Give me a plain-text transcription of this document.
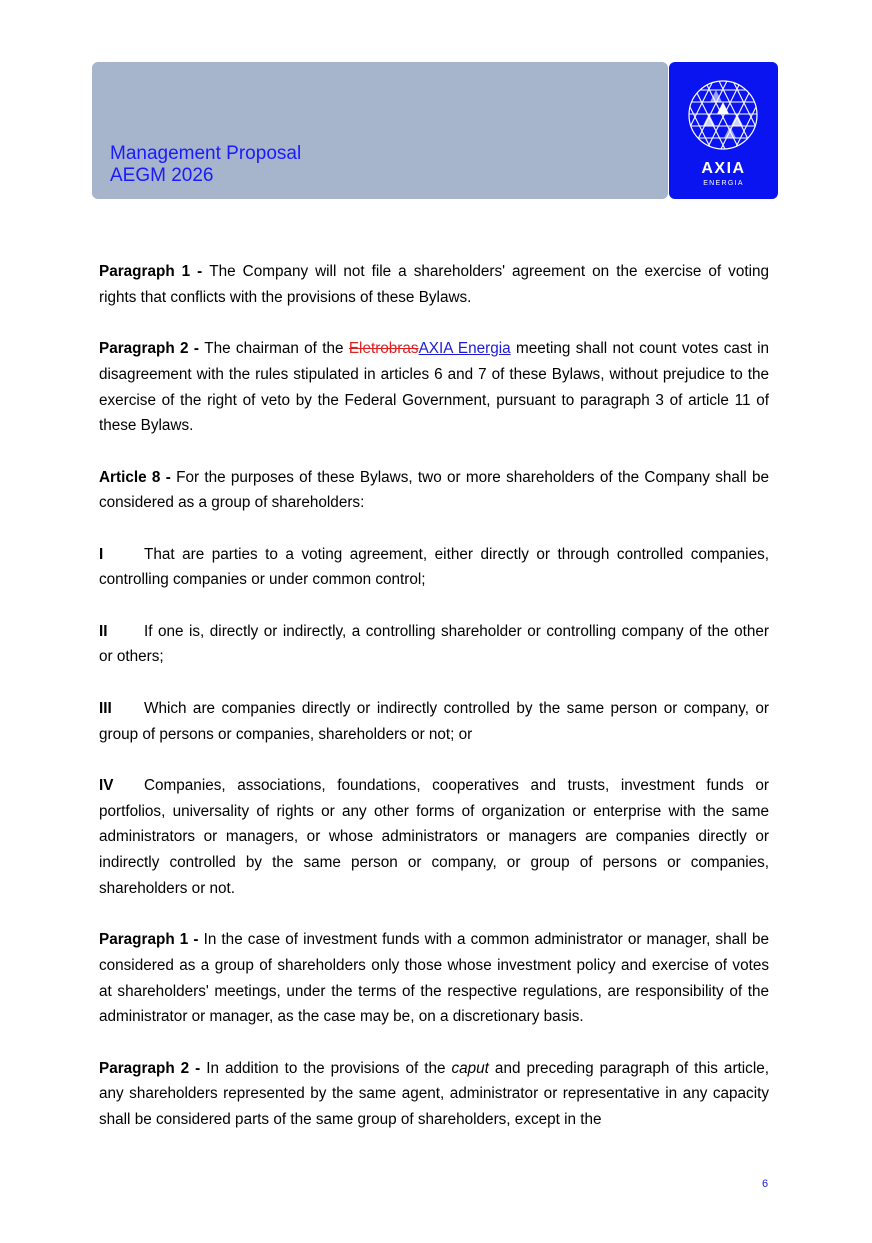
Management Proposal
AEGM 2026	AXIA
ENERGIA

Paragraph 1 - The Company will not file a shareholders' agreement on the exercise of voting rights that conflicts with the provisions of these Bylaws.

Paragraph 2 - The chairman of the EletrobrasAXIA Energia meeting shall not count votes cast in disagreement with the rules stipulated in articles 6 and 7 of these Bylaws, without prejudice to the exercise of the right of veto by the Federal Government, pursuant to paragraph 3 of article 11 of these Bylaws.

Article 8 - For the purposes of these Bylaws, two or more shareholders of the Company shall be considered as a group of shareholders:

I	That are parties to a voting agreement, either directly or through controlled companies, controlling companies or under common control;

II If one is, directly or indirectly, a controlling shareholder or controlling company of the other or others;

III Which are companies directly or indirectly controlled by the same person or company, or group of persons or companies, shareholders or not; or

IV Companies, associations, foundations, cooperatives and trusts, investment funds or portfolios, universality of rights or any other forms of organization or enterprise with the same administrators or managers, or whose administrators or managers are companies directly or indirectly controlled by the same person or company, or group of persons or companies, shareholders or not.

Paragraph 1 - In the case of investment funds with a common administrator or manager, shall be considered as a group of shareholders only those whose investment policy and exercise of votes at shareholders' meetings, under the terms of the respective regulations, are responsibility of the administrator or manager, as the case may be, on a discretionary basis.

Paragraph 2 - In addition to the provisions of the caput and preceding paragraph of this article, any shareholders represented by the same agent, administrator or representative in any capacity shall be considered parts of the same group of shareholders, except in the

6
